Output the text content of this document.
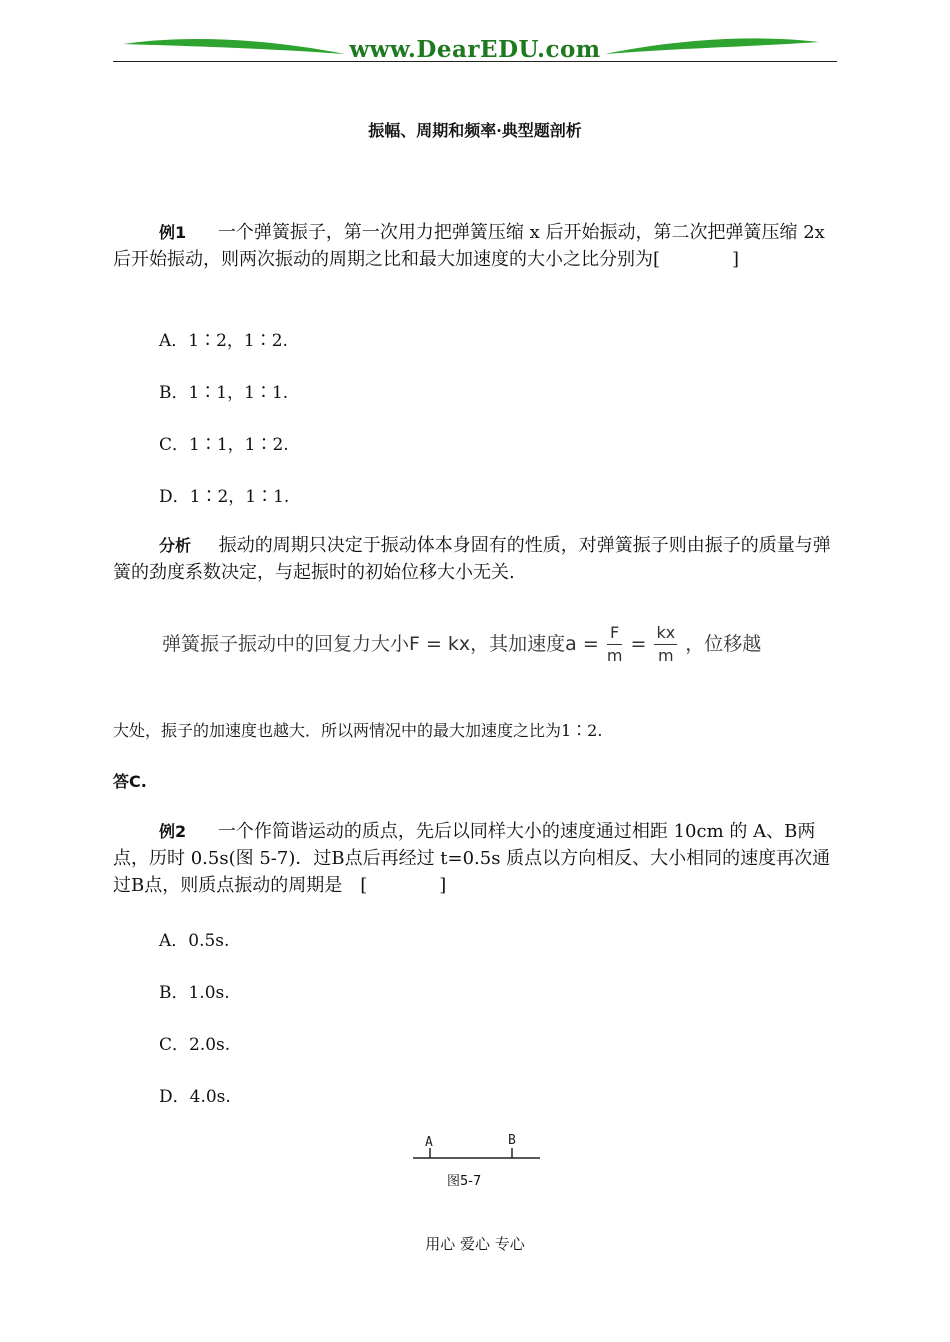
www.DearEDU.com
振幅、周期和频率·典型题剖析
例1 一个弹簧振子，第一次用力把弹簧压缩 x 后开始振动，第二次把弹簧压缩 2x 后开始振动，则两次振动的周期之比和最大加速度的大小之比分别为[　　　　]
A．1∶2，1∶2.
B．1∶1，1∶1.
C．1∶1，1∶2.
D．1∶2，1∶1.
分析 振动的周期只决定于振动体本身固有的性质，对弹簧振子则由振子的质量与弹簧的劲度系数决定，与起振时的初始位移大小无关.
弹簧振子振动中的回复力大小F = kx，其加速度$a = \frac{F}{m} = \frac{kx}{m}$ ，位移越
大处，振子的加速度也越大．所以两情况中的最大加速度之比为1∶2.
答C.
例2 一个作简谐运动的质点，先后以同样大小的速度通过相距 10cm 的 A、B两点，历时 0.5s(图 5-7)．过B点后再经过 t=0.5s 质点以方向相反、大小相同的速度再次通过B点，则质点振动的周期是　[　　　　]
A．0.5s.
B．1.0s.
C．2.0s.
D．4.0s.
A	B
图5-7
用心 爱心 专心
